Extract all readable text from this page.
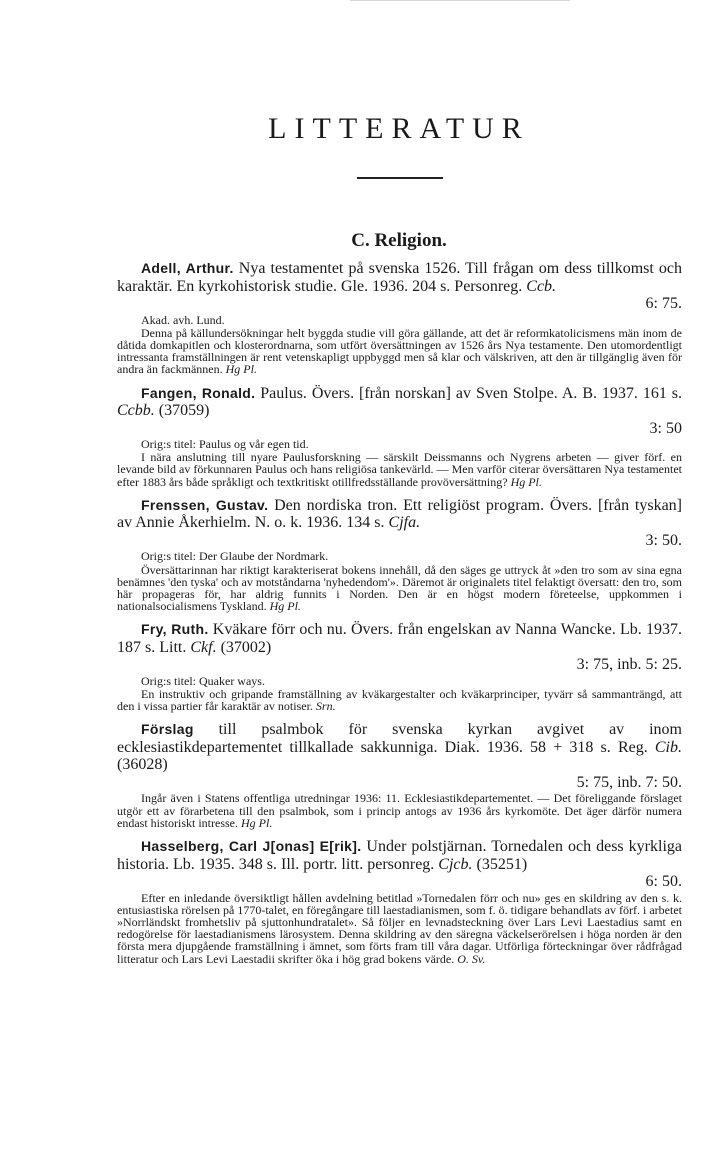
LITTERATUR
C. Religion.

Adell, Arthur. Nya testamentet på svenska 1526. Till frågan om dess tillkomst och karaktär. En kyrkohistorisk studie. Gle. 1936. 204 s. Personreg. Ccb.

6: 75.

Akad. avh. Lund.

Denna på källundersökningar helt byggda studie vill göra gällande, att det är reformkatolicismens män inom de dåtida domkapitlen och klosterordnarna, som utfört översättningen av 1526 års Nya testamente. Den utomordentligt intressanta framställningen är rent vetenskapligt uppbyggd men så klar och välskriven, att den är tillgänglig även för andra än fackmännen. Hg Pl.

Fangen, Ronald. Paulus. Övers. [från norskan] av Sven Stolpe. A. B. 1937. 161 s. Ccbb. (37059)

3: 50

Orig:s titel: Paulus og vår egen tid.

I nära anslutning till nyare Paulusforskning — särskilt Deissmanns och Nygrens arbeten — giver förf. en levande bild av förkunnaren Paulus och hans religiösa tankevärld. — Men varför citerar översättaren Nya testamentet efter 1883 års både språkligt och textkritiskt otillfredsställande provöversättning? Hg Pl.

Frenssen, Gustav. Den nordiska tron. Ett religiöst program. Övers. [från tyskan] av Annie Åkerhielm. N. o. k. 1936. 134 s. Cjfa.

3: 50.

Orig:s titel: Der Glaube der Nordmark.

Översättarinnan har riktigt karakteriserat bokens innehåll, då den säges ge uttryck åt »den tro som av sina egna benämnes 'den tyska' och av motståndarna 'nyhedendom'». Däremot är originalets titel felaktigt översatt: den tro, som här propageras för, har aldrig funnits i Norden. Den är en högst modern företeelse, uppkommen i nationalsocialismens Tyskland. Hg Pl.

Fry, Ruth. Kväkare förr och nu. Övers. från engelskan av Nanna Wancke. Lb. 1937. 187 s. Litt. Ckf. (37002)

3: 75, inb. 5: 25.

Orig:s titel: Quaker ways.

En instruktiv och gripande framställning av kväkargestalter och kväkarprinciper, tyvärr så sammanträngd, att den i vissa partier får karaktär av notiser. Srn.

Förslag till psalmbok för svenska kyrkan avgivet av inom ecklesiastikdepartementet tillkallade sakkunniga. Diak. 1936. 58 + 318 s. Reg. Cib. (36028)

5: 75, inb. 7: 50.

Ingår även i Statens offentliga utredningar 1936: 11. Ecklesiastikdepartementet. — Det föreliggande förslaget utgör ett av förarbetena till den psalmbok, som i princip antogs av 1936 års kyrkomöte. Det äger därför numera endast historiskt intresse. Hg Pl.

Hasselberg, Carl J[onas] E[rik]. Under polstjärnan. Tornedalen och dess kyrkliga historia. Lb. 1935. 348 s. Ill. portr. litt. personreg. Cjcb. (35251)

6: 50.

Efter en inledande översiktligt hållen avdelning betitlad »Tornedalen förr och nu» ges en skildring av den s. k. entusiastiska rörelsen på 1770-talet, en föregångare till laestadianismen, som f. ö. tidigare behandlats av förf. i arbetet »Norrländskt fromhetsliv på sjuttonhundratalet». Så följer en levnadsteckning över Lars Levi Laestadius samt en redogörelse för laestadianismens lärosystem. Denna skildring av den säregna väckelserörelsen i höga norden är den första mera djupgående framställning i ämnet, som förts fram till våra dagar. Utförliga förteckningar över rådfrågad litteratur och Lars Levi Laestadii skrifter öka i hög grad bokens värde. O. Sv.
